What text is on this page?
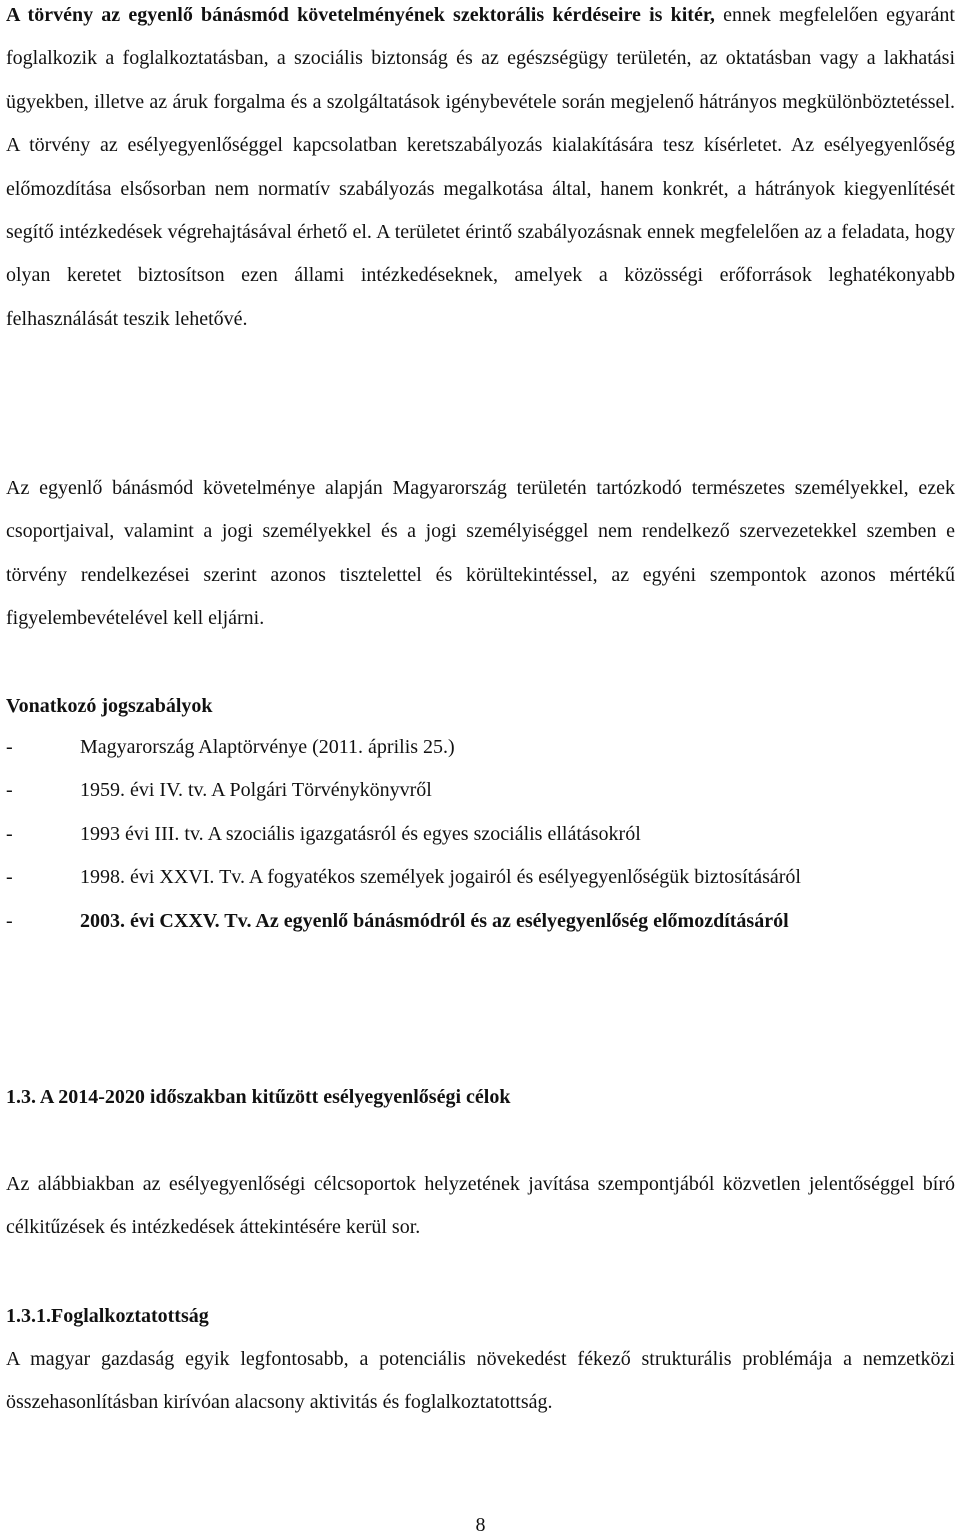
A törvény az egyenlő bánásmód követelményének szektorális kérdéseire is kitér, ennek megfelelően egyaránt foglalkozik a foglalkoztatásban, a szociális biztonság és az egészségügy területén, az oktatásban vagy a lakhatási ügyekben, illetve az áruk forgalma és a szolgáltatások igénybevétele során megjelenő hátrányos megkülönböztetéssel. A törvény az esélyegyenlőséggel kapcsolatban keretszabályozás kialakítására tesz kísérletet. Az esélyegyenlőség előmozdítása elsősorban nem normatív szabályozás megalkotása által, hanem konkrét, a hátrányok kiegyenlítését segítő intézkedések végrehajtásával érhető el. A területet érintő szabályozásnak ennek megfelelően az a feladata, hogy olyan keretet biztosítson ezen állami intézkedéseknek, amelyek a közösségi erőforrások leghatékonyabb felhasználását teszik lehetővé.

Az egyenlő bánásmód követelménye alapján Magyarország területén tartózkodó természetes személyekkel, ezek csoportjaival, valamint a jogi személyekkel és a jogi személyiséggel nem rendelkező szervezetekkel szemben e törvény rendelkezései szerint azonos tisztelettel és körültekintéssel, az egyéni szempontok azonos mértékű figyelembevételével kell eljárni.

Vonatkozó jogszabályok
-	Magyarország Alaptörvénye (2011. április 25.)
-	1959. évi IV. tv. A Polgári Törvénykönyvről
-	1993 évi III. tv. A szociális igazgatásról és egyes szociális ellátásokról
-	1998. évi XXVI. Tv. A fogyatékos személyek jogairól és esélyegyenlőségük biztosításáról
-	2003. évi CXXV. Tv. Az egyenlő bánásmódról és az esélyegyenlőség előmozdításáról
1.3. A 2014-2020 időszakban kitűzött esélyegyenlőségi célok

Az alábbiakban az esélyegyenlőségi célcsoportok helyzetének javítása szempontjából közvetlen jelentőséggel bíró célkitűzések és intézkedések áttekintésére kerül sor.

1.3.1.Foglalkoztatottság

A magyar gazdaság egyik legfontosabb, a potenciális növekedést fékező strukturális problémája a nemzetközi összehasonlításban kirívóan alacsony aktivitás és foglalkoztatottság.

8
